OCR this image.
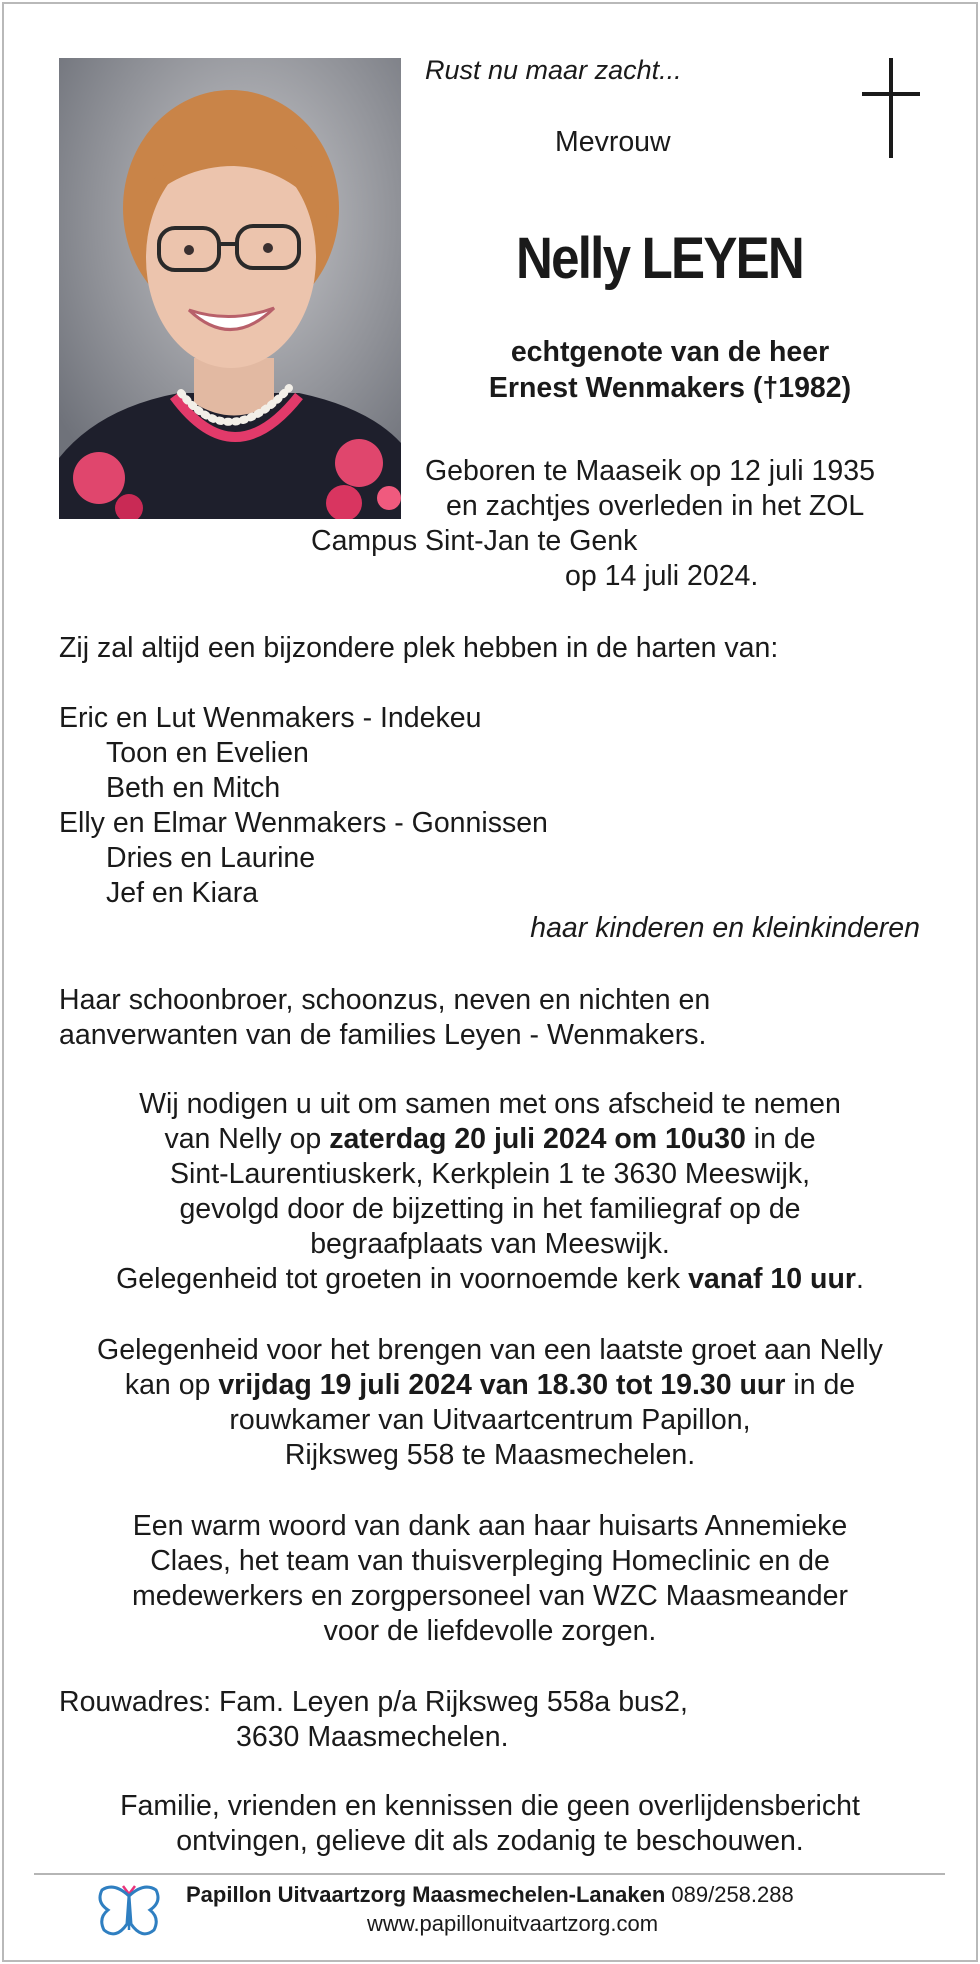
Rust nu maar zacht...
Mevrouw
Nelly LEYEN
echtgenote van de heer
Ernest Wenmakers (†1982)
Geboren te Maaseik op 12 juli 1935
en zachtjes overleden in het ZOL
Campus Sint-Jan te Genk
op 14 juli 2024.
Zij zal altijd een bijzondere plek hebben in de harten van:
Eric en Lut Wenmakers - Indekeu
Toon en Evelien
Beth en Mitch
Elly en Elmar Wenmakers - Gonnissen
Dries en Laurine
Jef en Kiara
haar kinderen en kleinkinderen
Haar schoonbroer, schoonzus, neven en nichten en
aanverwanten van de families Leyen - Wenmakers.
Wij nodigen u uit om samen met ons afscheid te nemen
van Nelly op zaterdag 20 juli 2024 om 10u30 in de
Sint-Laurentiuskerk, Kerkplein 1 te 3630 Meeswijk,
gevolgd door de bijzetting in het familiegraf op de
begraafplaats van Meeswijk.
Gelegenheid tot groeten in voornoemde kerk vanaf 10 uur.
Gelegenheid voor het brengen van een laatste groet aan Nelly
kan op vrijdag 19 juli 2024 van 18.30 tot 19.30 uur in de
rouwkamer van Uitvaartcentrum Papillon,
Rijksweg 558 te Maasmechelen.
Een warm woord van dank aan haar huisarts Annemieke
Claes, het team van thuisverpleging Homeclinic en de
medewerkers en zorgpersoneel van WZC Maasmeander
voor de liefdevolle zorgen.
Rouwadres: Fam. Leyen p/a Rijksweg 558a bus2,
3630 Maasmechelen.
Familie, vrienden en kennissen die geen overlijdensbericht
ontvingen, gelieve dit als zodanig te beschouwen.
Papillon Uitvaartzorg Maasmechelen-Lanaken 089/258.288
www.papillonuitvaartzorg.com
